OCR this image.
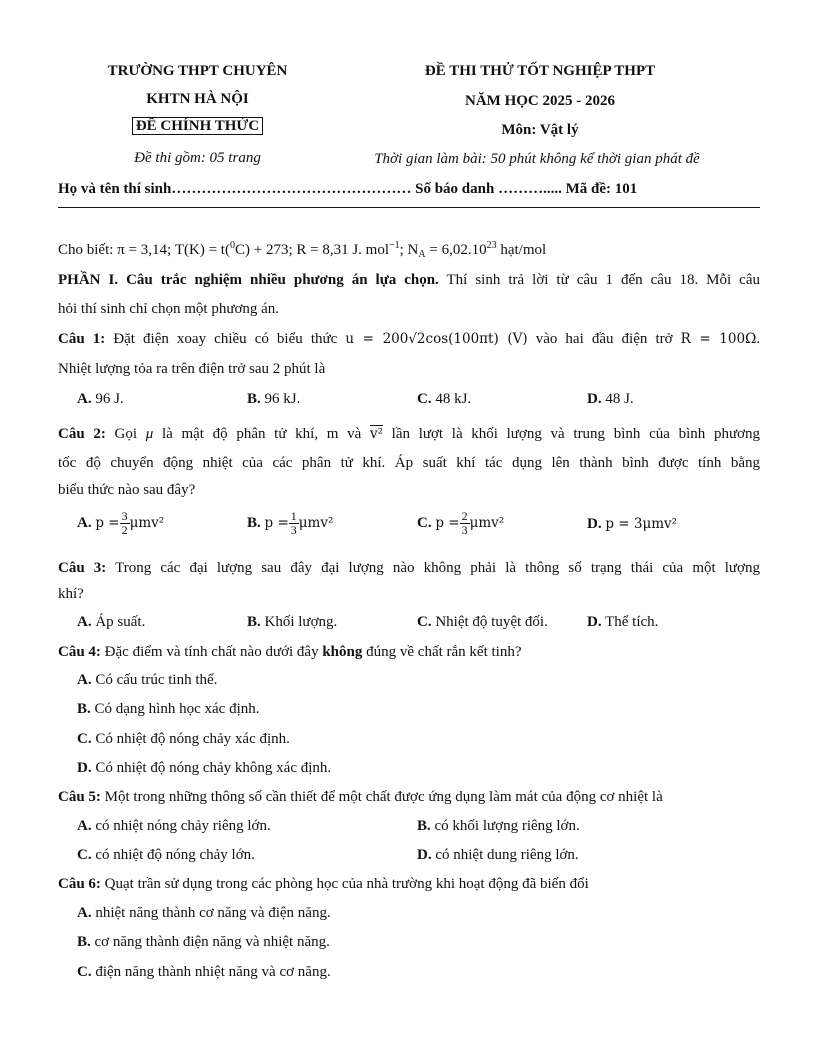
TRƯỜNG THPT CHUYÊN
KHTN HÀ NỘI
ĐỀ CHÍNH THỨC
Đề thi gồm: 05 trang
ĐỀ THI THỬ TỐT NGHIỆP THPT
NĂM HỌC 2025 - 2026
Môn: Vật lý
Thời gian làm bài: 50 phút không kể thời gian phát đề
Họ và tên thí sinh………………………………………… Số báo danh ………..... Mã đề: 101
Cho biết: π = 3,14; T(K) = t($^0$C) + 273; R = 8,31 J. mol$^{-1}$; $N_A = 6,02.10^{23}$ hạt/mol
PHẦN I. Câu trắc nghiệm nhiều phương án lựa chọn. Thí sinh trả lời từ câu 1 đến câu 18. Mỗi câu
hỏi thí sinh chỉ chọn một phương án.
Câu 1: Đặt điện xoay chiều có biểu thức u = 200√2cos(100πt) (V) vào hai đầu điện trở R = 100Ω.
Nhiệt lượng tỏa ra trên điện trở sau 2 phút là
A. 96 J.	B. 96 kJ.	C. 48 kJ.	D. 48 J.
Câu 2: Gọi μ là mật độ phân tử khí, m và v² lần lượt là khối lượng và trung bình của bình phương
tốc độ chuyển động nhiệt của các phân tử khí. Áp suất khí tác dụng lên thành bình được tính bằng
biểu thức nào sau đây?
A. $p = \frac{3}{2} \mu mv^2$	B. $p = \frac{1}{3} \mu mv^2$	C. $p = \frac{2}{3} \mu mv^2$	D. p = 3μmv²
Câu 3: Trong các đại lượng sau đây đại lượng nào không phải là thông số trạng thái của một lượng
khí?
A. Áp suất.	B. Khối lượng.	C. Nhiệt độ tuyệt đối.	D. Thể tích.
Câu 4: Đặc điểm và tính chất nào dưới đây không đúng về chất rắn kết tinh?
A. Có cấu trúc tinh thể.
B. Có dạng hình học xác định.
C. Có nhiệt độ nóng chảy xác định.
D. Có nhiệt độ nóng chảy không xác định.
Câu 5: Một trong những thông số cần thiết để một chất được ứng dụng làm mát của động cơ nhiệt là
A. có nhiệt nóng chảy riêng lớn.	B. có khối lượng riêng lớn.
C. có nhiệt độ nóng chảy lớn.	D. có nhiệt dung riêng lớn.
Câu 6: Quạt trần sử dụng trong các phòng học của nhà trường khi hoạt động đã biến đổi
A. nhiệt năng thành cơ năng và điện năng.
B. cơ năng thành điện năng và nhiệt năng.
C. điện năng thành nhiệt năng và cơ năng.
